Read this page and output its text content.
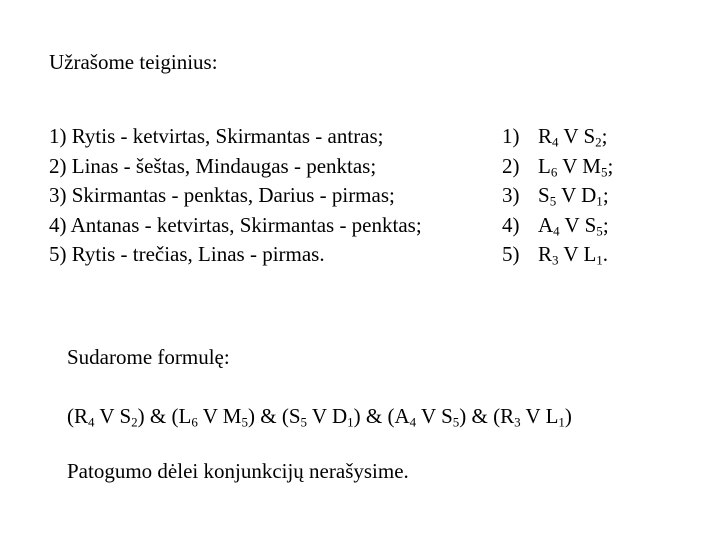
Užrašome teiginius:
1) Rytis - ketvirtas, Skirmantas - antras;
2) Linas - šeštas, Mindaugas - penktas;
3) Skirmantas - penktas, Darius - pirmas;
4) Antanas - ketvirtas, Skirmantas - penktas;
5) Rytis - trečias, Linas - pirmas.
1) $R_4$ V $S_2$;
2) $L_6$ V $M_5$;
3) $S_5$ V $D_1$;
4) $A_4$ V $S_5$;
5) $R_3$ V $L_1$.
Sudarome formulę:
($R_4$ V $S_2$) & ($L_6$ V $M_5$) & ($S_5$ V $D_1$) & ($A_4$ V $S_5$) & ($R_3$ V $L_1$)
Patogumo dėlei konjunkcijų nerašysime.
